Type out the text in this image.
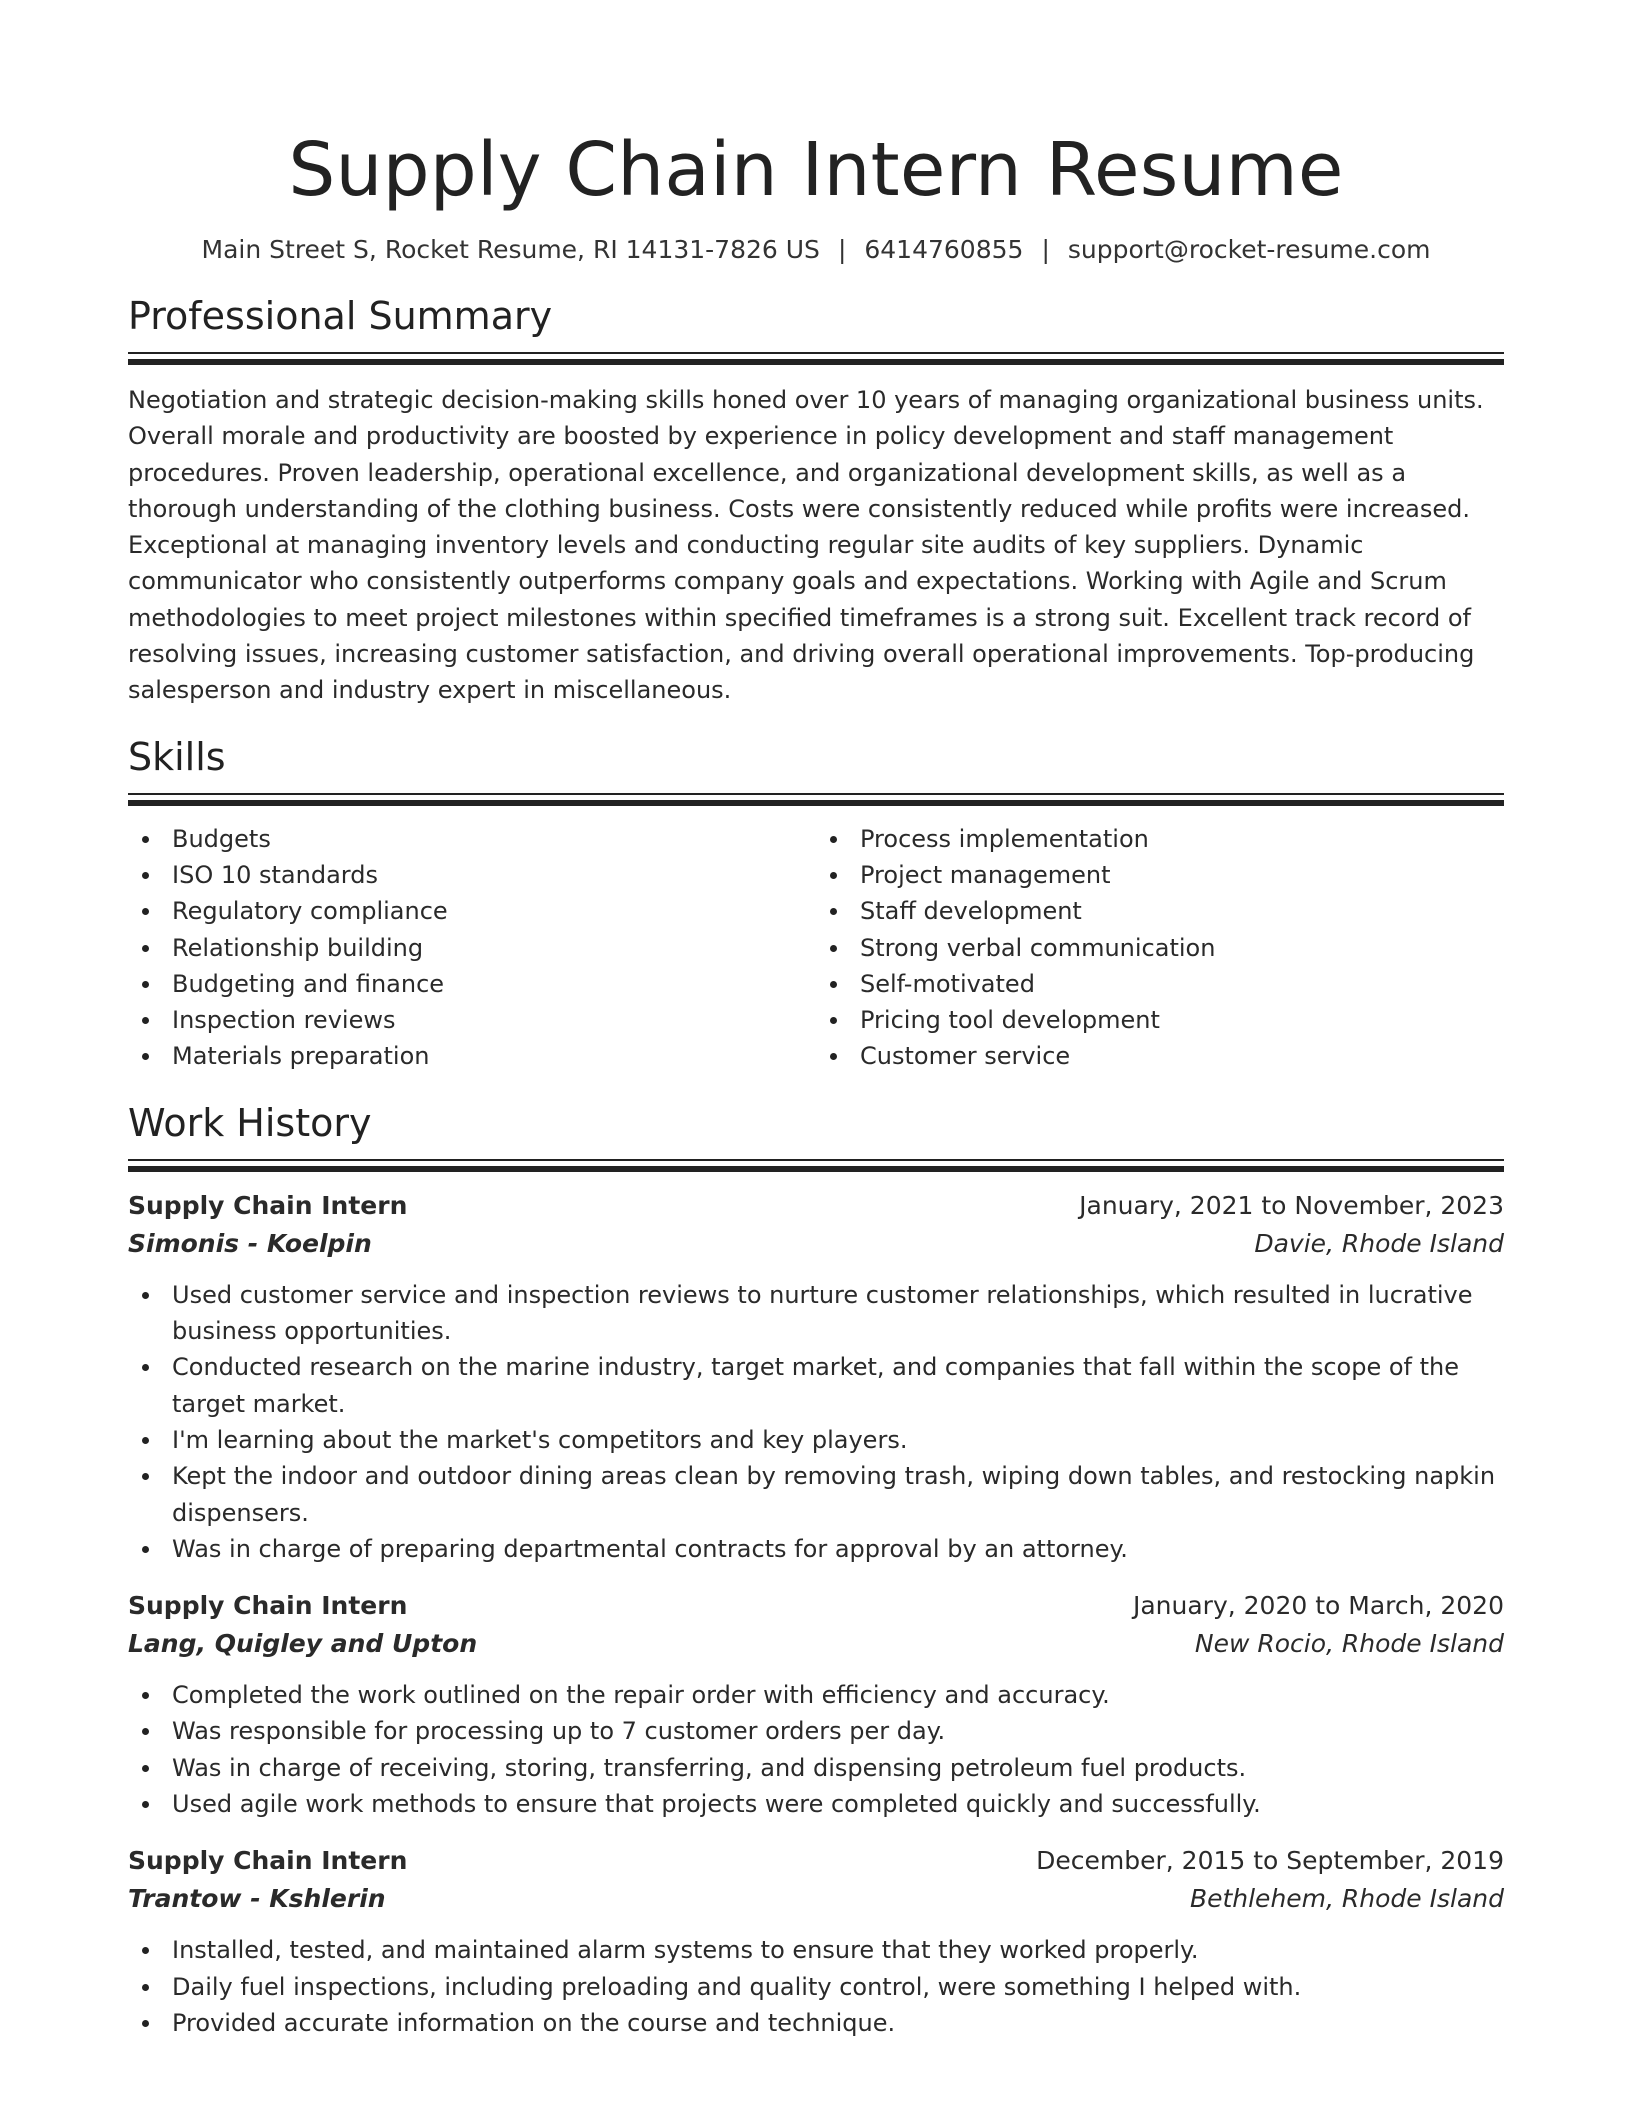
Supply Chain Intern Resume
Main Street S, Rocket Resume, RI 14131-7826 US | 6414760855 | support@rocket-resume.com
Professional Summary

Negotiation and strategic decision-making skills honed over 10 years of managing organizational business units. Overall morale and productivity are boosted by experience in policy development and staff management procedures. Proven leadership, operational excellence, and organizational development skills, as well as a thorough understanding of the clothing business. Costs were consistently reduced while profits were increased. Exceptional at managing inventory levels and conducting regular site audits of key suppliers. Dynamic communicator who consistently outperforms company goals and expectations. Working with Agile and Scrum methodologies to meet project milestones within specified timeframes is a strong suit. Excellent track record of resolving issues, increasing customer satisfaction, and driving overall operational improvements. Top-producing salesperson and industry expert in miscellaneous.

Skills
Budgets
ISO 10 standards
Regulatory compliance
Relationship building
Budgeting and finance
Inspection reviews
Materials preparation
Process implementation
Project management
Staff development
Strong verbal communication
Self-motivated
Pricing tool development
Customer service
Work History
Supply Chain Intern	January, 2021 to November, 2023
Simonis - Koelpin	Davie, Rhode Island
Used customer service and inspection reviews to nurture customer relationships, which resulted in lucrative business opportunities.
Conducted research on the marine industry, target market, and companies that fall within the scope of the target market.
I'm learning about the market's competitors and key players.
Kept the indoor and outdoor dining areas clean by removing trash, wiping down tables, and restocking napkin dispensers.
Was in charge of preparing departmental contracts for approval by an attorney.
Supply Chain Intern	January, 2020 to March, 2020
Lang, Quigley and Upton	New Rocio, Rhode Island
Completed the work outlined on the repair order with efficiency and accuracy.
Was responsible for processing up to 7 customer orders per day.
Was in charge of receiving, storing, transferring, and dispensing petroleum fuel products.
Used agile work methods to ensure that projects were completed quickly and successfully.
Supply Chain Intern	December, 2015 to September, 2019
Trantow - Kshlerin	Bethlehem, Rhode Island
Installed, tested, and maintained alarm systems to ensure that they worked properly.
Daily fuel inspections, including preloading and quality control, were something I helped with.
Provided accurate information on the course and technique.
